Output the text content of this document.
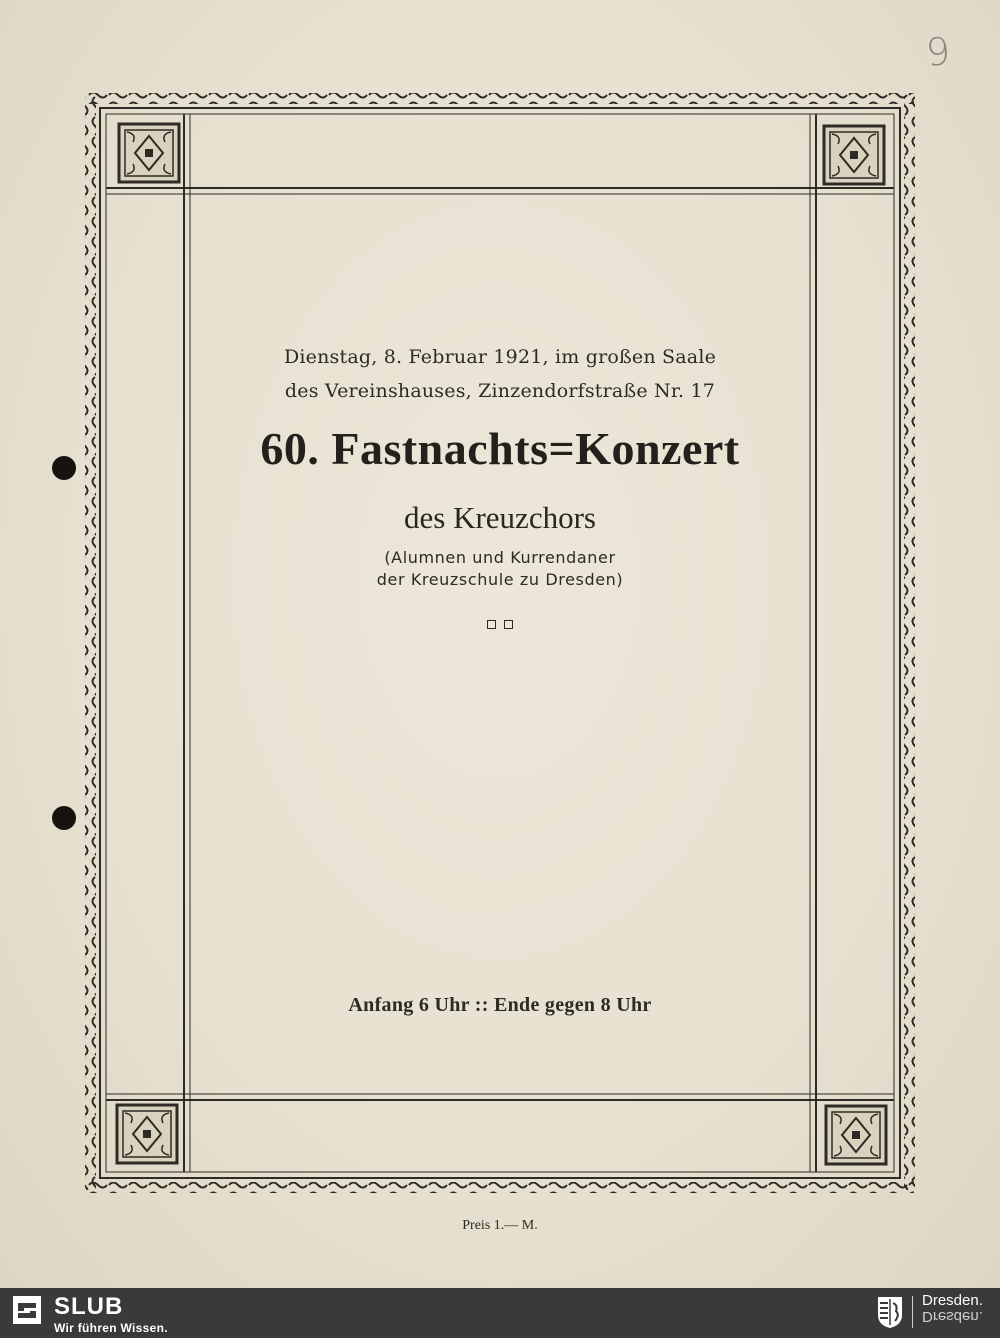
9
Dienstag, 8. Februar 1921, im großen Saale
des Vereinshauses, Zinzendorfstraße Nr. 17
60. Fastnachts=Konzert
des Kreuzchors
(Alumnen und Kurrendaner
der Kreuzschule zu Dresden)
Anfang 6 Uhr :: Ende gegen 8 Uhr
Preis 1.— M.
SLUB
Wir führen Wissen.
Dresden.
Dresden.
